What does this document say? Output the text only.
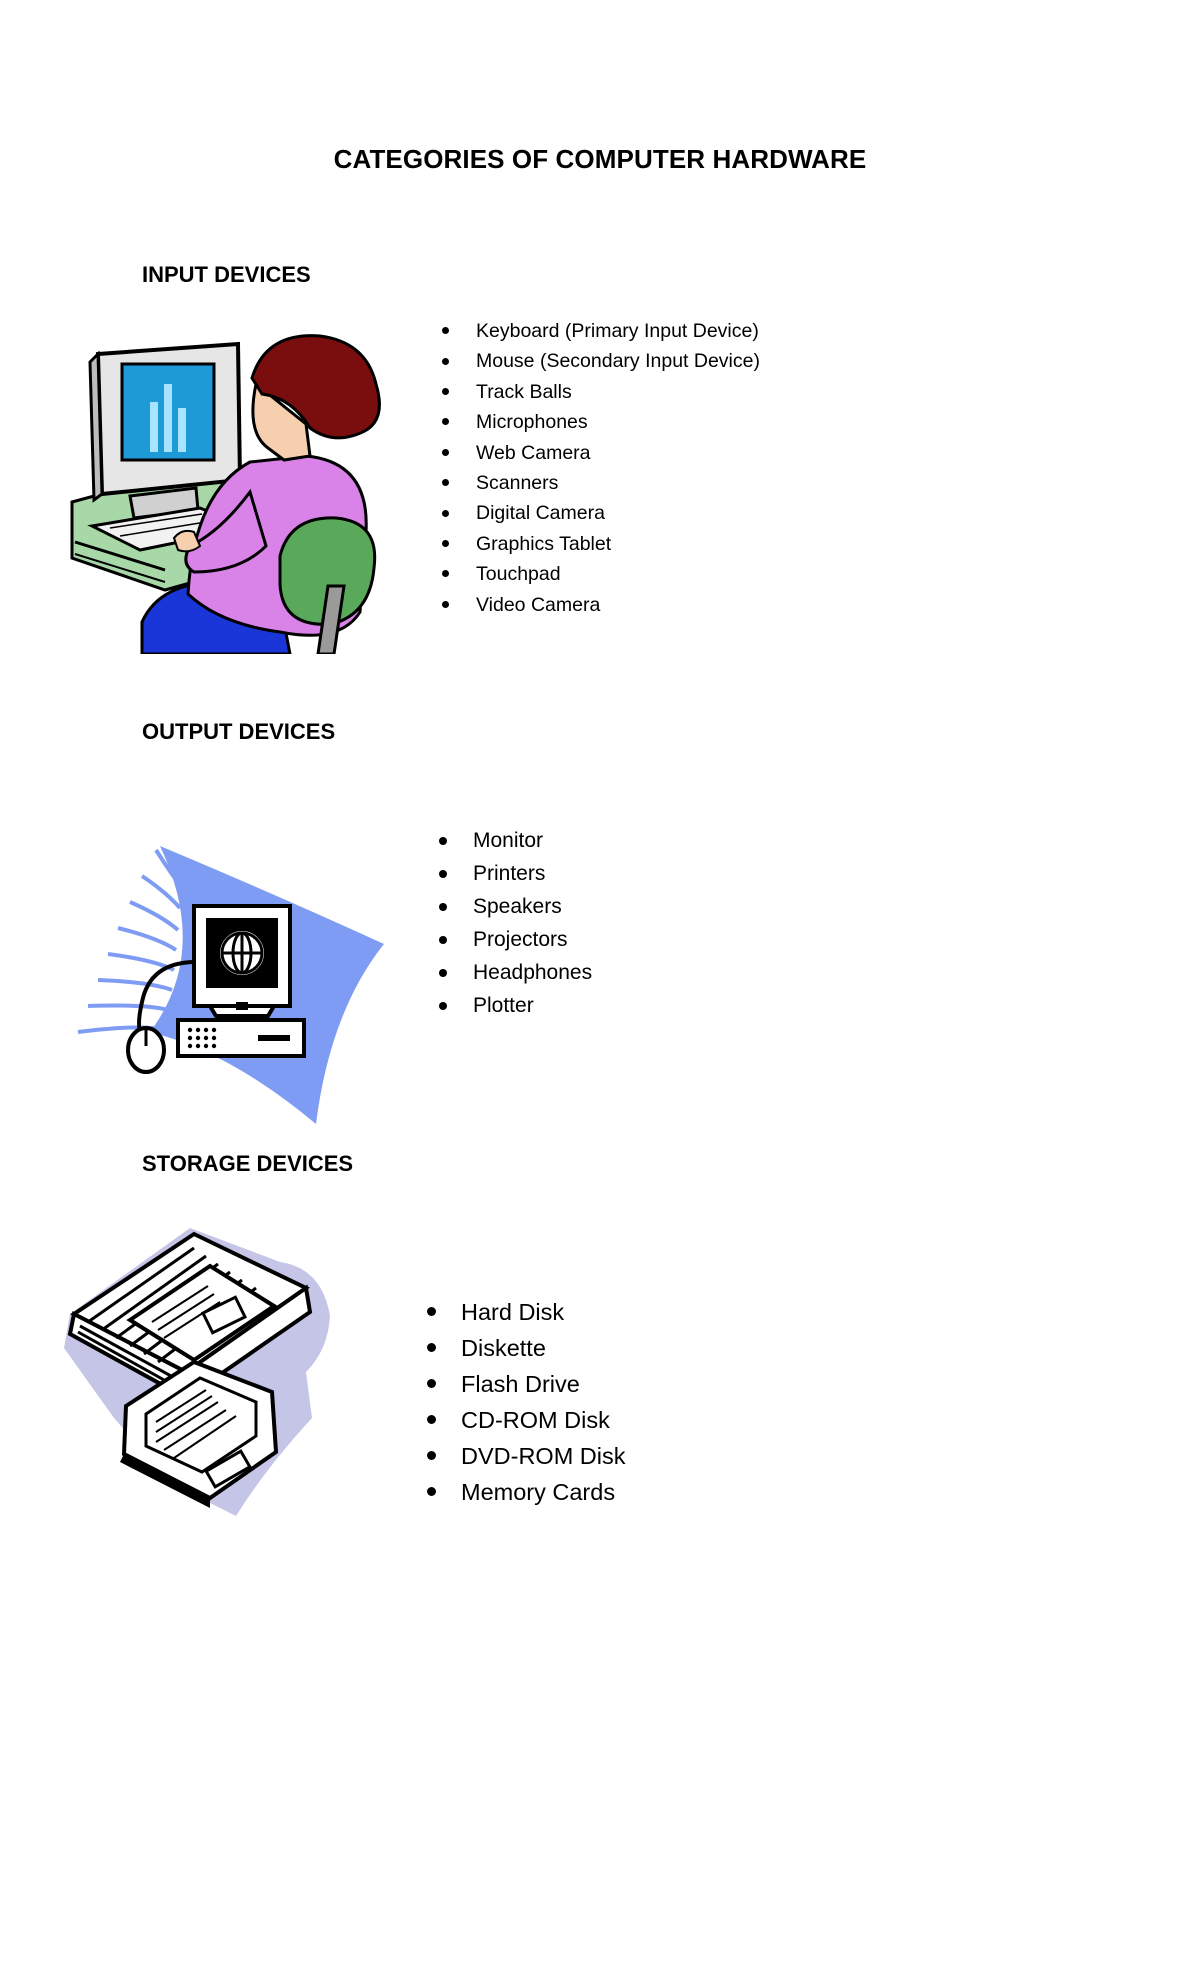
CATEGORIES OF COMPUTER HARDWARE
INPUT DEVICES
Keyboard (Primary Input Device)
Mouse (Secondary Input Device)
Track Balls
Microphones
Web Camera
Scanners
Digital Camera
Graphics Tablet
Touchpad
Video Camera
OUTPUT DEVICES
Monitor
Printers
Speakers
Projectors
Headphones
Plotter
STORAGE DEVICES
Hard Disk
Diskette
Flash Drive
CD-ROM Disk
DVD-ROM Disk
Memory Cards
